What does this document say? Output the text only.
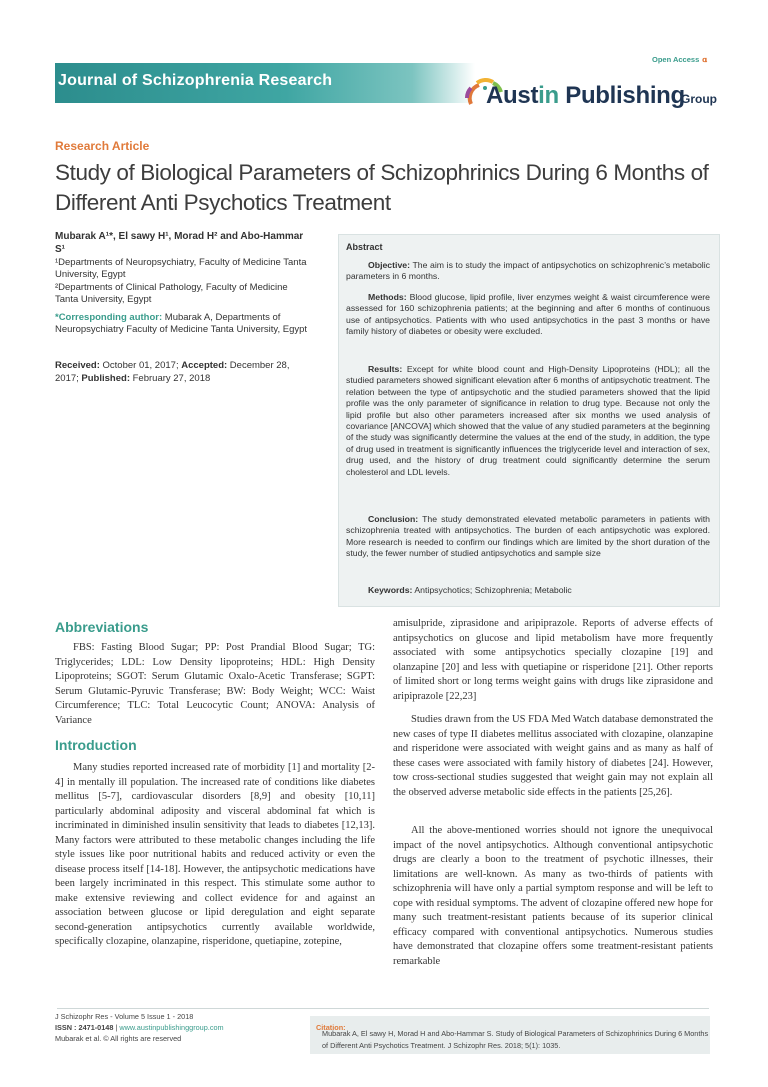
Open Access 𝛂
Journal of Schizophrenia Research
Austin Publishing
Group
Research Article
Study of Biological Parameters of Schizophrinics During 6 Months of Different Anti Psychotics Treatment
Mubarak A¹*, El sawy H¹, Morad H² and Abo-Hammar S¹
¹Departments of Neuropsychiatry, Faculty of Medicine Tanta University, Egypt
²Departments of Clinical Pathology, Faculty of Medicine Tanta University, Egypt
*Corresponding author: Mubarak A, Departments of Neuropsychiatry Faculty of Medicine Tanta University, Egypt
Received: October 01, 2017; Accepted: December 28, 2017; Published: February 27, 2018

Abstract

Objective: The aim is to study the impact of antipsychotics on schizophrenic’s metabolic parameters in 6 months.

Methods: Blood glucose, lipid profile, liver enzymes weight & waist circumference were assessed for 160 schizophrenia patients; at the beginning and after 6 months of continuous use of antipsychotics. Patients with who used antipsychotics in the past 3 months or have family history of diabetes or obesity were excluded.

Results: Except for white blood count and High-Density Lipoproteins (HDL); all the studied parameters showed significant elevation after 6 months of antipsychotic treatment. The relation between the type of antipsychotic and the studied parameters showed that the lipid profile was the only parameter of significance in relation to drug type. Because not only the lipid profile but also other parameters increased after six months we used analysis of covariance [ANCOVA] which showed that the value of any studied parameters at the beginning of the study was significantly determine the values at the end of the study, in addition, the type of drug used in treatment is significantly influences the triglyceride level and interaction of sex, drug used, and the history of drug treatment could significantly determine the serum cholesterol and LDL levels.

Conclusion: The study demonstrated elevated metabolic parameters in patients with schizophrenia treated with antipsychotics. The burden of each antipsychotic was explored. More research is needed to confirm our findings which are limited by the short duration of the study, the fewer number of studied antipsychotics and sample size

Keywords: Antipsychotics; Schizophrenia; Metabolic

Abbreviations

FBS: Fasting Blood Sugar; PP: Post Prandial Blood Sugar; TG: Triglycerides; LDL: Low Density lipoproteins; HDL: High Density Lipoproteins; SGOT: Serum Glutamic Oxalo-Acetic Transferase; SGPT: Serum Glutamic-Pyruvic Transferase; BW: Body Weight; WCC: Waist Circumference; TLC: Total Leucocytic Count; ANOVA: Analysis of Variance

Introduction

Many studies reported increased rate of morbidity [1] and mortality [2-4] in mentally ill population. The increased rate of conditions like diabetes mellitus [5-7], cardiovascular disorders [8,9] and obesity [10,11] particularly abdominal adiposity and visceral abdominal fat which is incriminated in diminished insulin sensitivity that leads to diabetes [12,13]. Many factors were attributed to these metabolic changes including the life style issues like poor nutritional habits and reduced activity or even the disease process itself [14-18]. However, the antipsychotic medications have been largely incriminated in this respect. This stimulate some author to make extensive reviewing and collect evidence for and against an association between glucose or lipid deregulation and eight separate second-generation antipsychotics currently available worldwide, specifically clozapine, olanzapine, risperidone, quetiapine, zotepine,

amisulpride, ziprasidone and aripiprazole. Reports of adverse effects of antipsychotics on glucose and lipid metabolism have more frequently associated with some antipsychotics specially clozapine [19] and olanzapine [20] and less with quetiapine or risperidone [21]. Other reports of limited short or long terms weight gains with drugs like ziprasidone and aripiprazole [22,23]

Studies drawn from the US FDA Med Watch database demonstrated the new cases of type II diabetes mellitus associated with clozapine, olanzapine and risperidone were associated with weight gains and as many as half of these cases were associated with family history of diabetes [24]. However, tow cross-sectional studies suggested that weight gain may not explain all the observed adverse metabolic side effects in the patients [25,26].

All the above-mentioned worries should not ignore the unequivocal impact of the novel antipsychotics. Although conventional antipsychotic drugs are clearly a boon to the treatment of psychotic illnesses, their limitations are well-known. As many as two-thirds of patients with schizophrenia will have only a partial symptom response and will be left to cope with residual symptoms. The advent of clozapine offered new hope for many such treatment-resistant patients because of its superior clinical efficacy compared with conventional antipsychotics. Numerous studies have demonstrated that clozapine offers some treatment-resistant patients remarkable

J Schizophr Res - Volume 5 Issue 1 - 2018
ISSN : 2471-0148 | www.austinpublishinggroup.com
Mubarak et al. © All rights are reserved
Citation:
Mubarak A, El sawy H, Morad H and Abo-Hammar S. Study of Biological Parameters of Schizophrinics During 6 Months of Different Anti Psychotics Treatment. J Schizophr Res. 2018; 5(1): 1035.
